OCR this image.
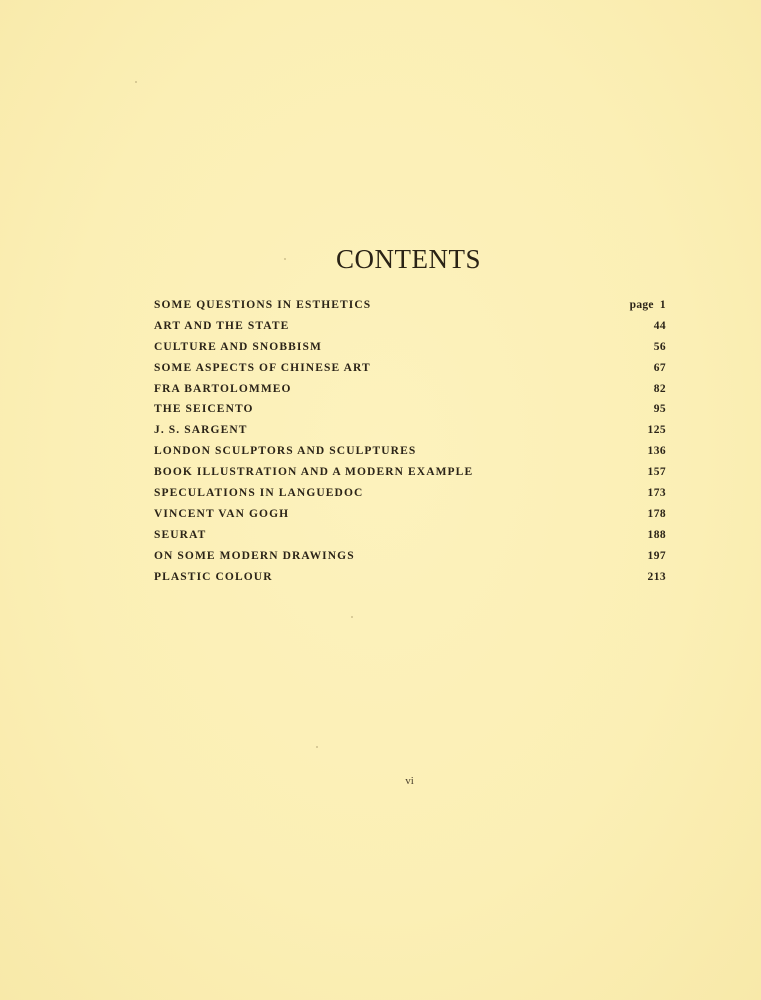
CONTENTS
SOME QUESTIONS IN ESTHETICS	page 1
ART AND THE STATE	44
CULTURE AND SNOBBISM	56
SOME ASPECTS OF CHINESE ART	67
FRA BARTOLOMMEO	82
THE SEICENTO	95
J. S. SARGENT	125
LONDON SCULPTORS AND SCULPTURES	136
BOOK ILLUSTRATION AND A MODERN EXAMPLE	157
SPECULATIONS IN LANGUEDOC	173
VINCENT VAN GOGH	178
SEURAT	188
ON SOME MODERN DRAWINGS	197
PLASTIC COLOUR	213
vi
